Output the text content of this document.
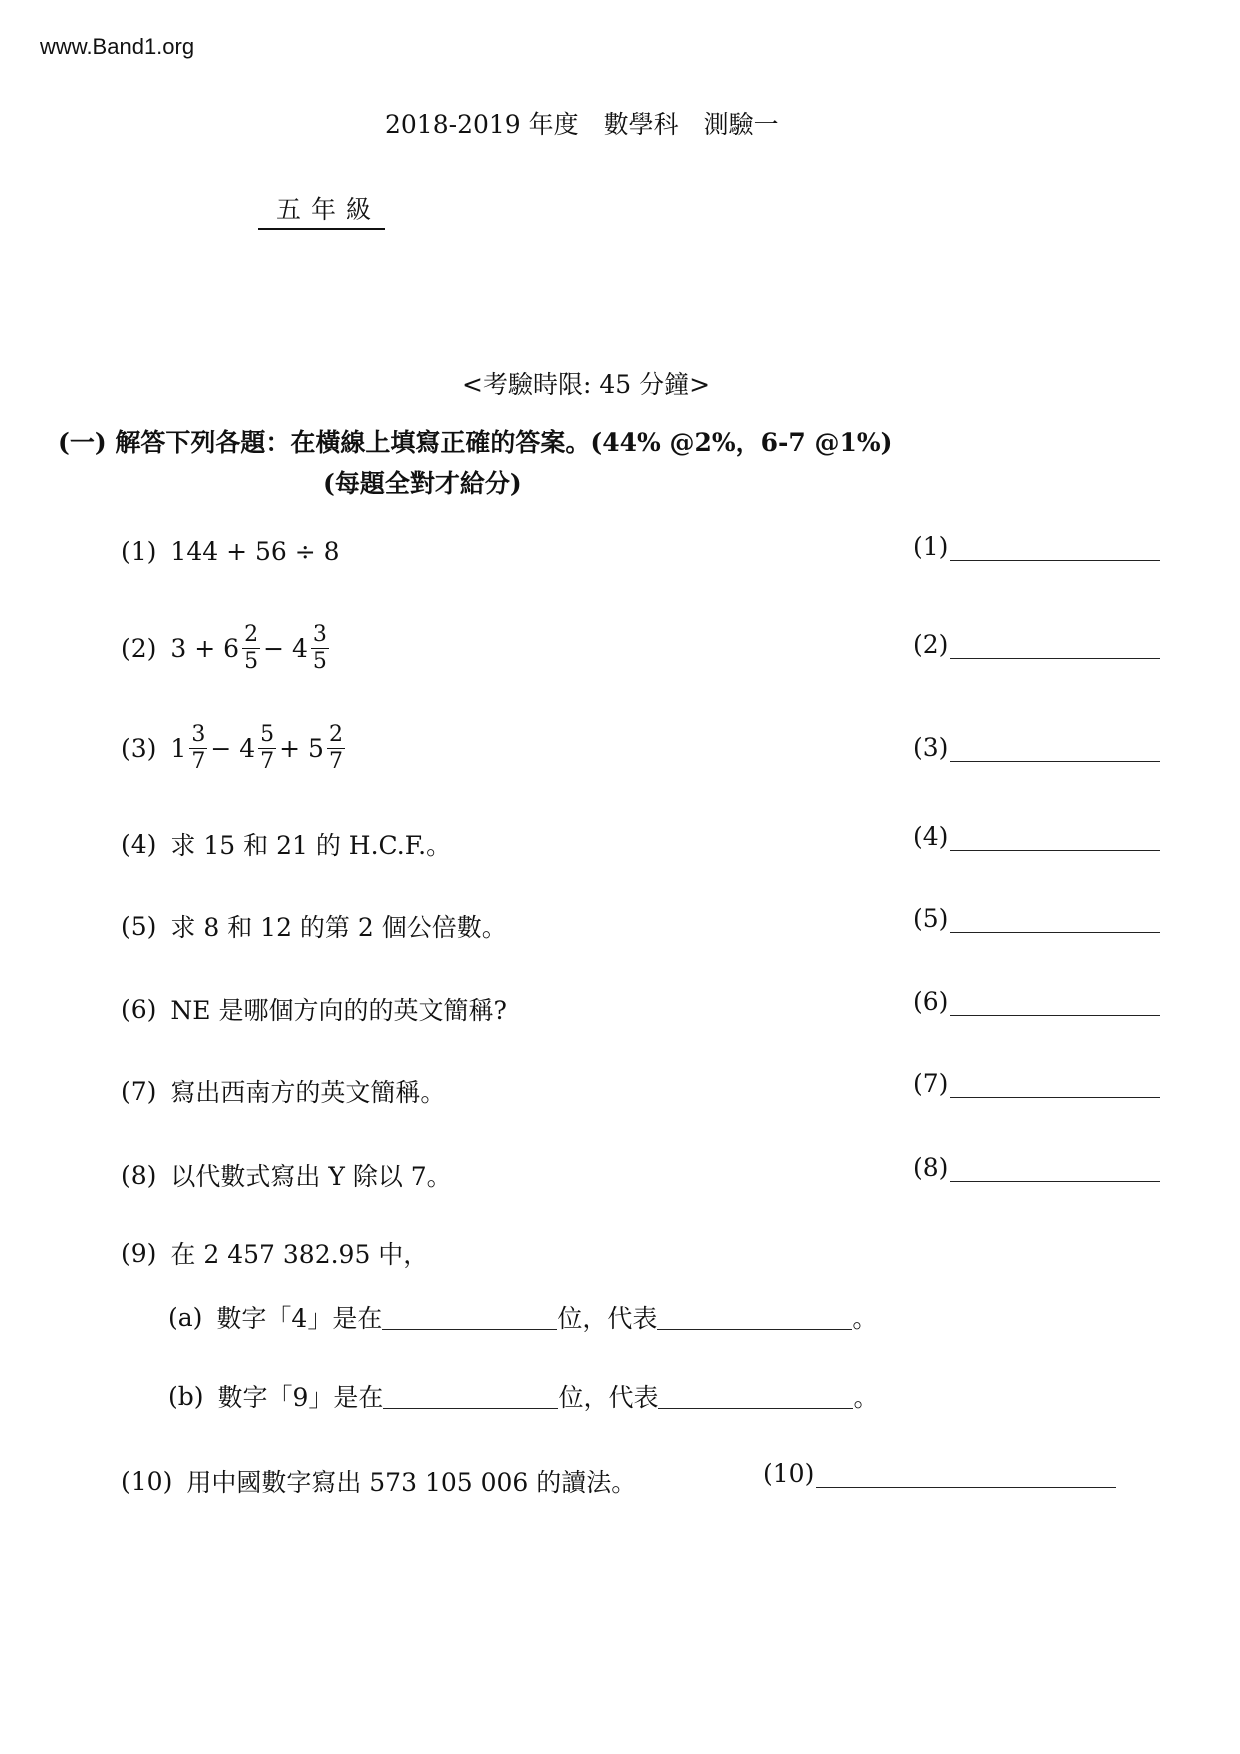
www.Band1.org
2018-2019 年度　數學科　測驗一
五年級
<考驗時限: 45 分鐘>
(一) 解答下列各題：在橫線上填寫正確的答案。(44% @2%，6-7 @1%)
(每題全對才給分)
(1) 144 + 56 ÷ 8	(1)
(2) $3 + 6 \frac{2}{5} - 4 \frac{3}{5}$	(2)
(3) $1 \frac{3}{7} - 4 \frac{5}{7} + 5 \frac{2}{7}$	(3)
(4) 求 15 和 21 的 H.C.F.。	(4)
(5) 求 8 和 12 的第 2 個公倍數。	(5)
(6) NE 是哪個方向的的英文簡稱?	(6)
(7) 寫出西南方的英文簡稱。	(7)
(8) 以代數式寫出 Y 除以 7。	(8)
(9) 在 2 457 382.95 中，
(a) 數字「4」是在	位，代表	。
(b) 數字「9」是在	位，代表	。
(10) 用中國數字寫出 573 105 006 的讀法。	(10)
